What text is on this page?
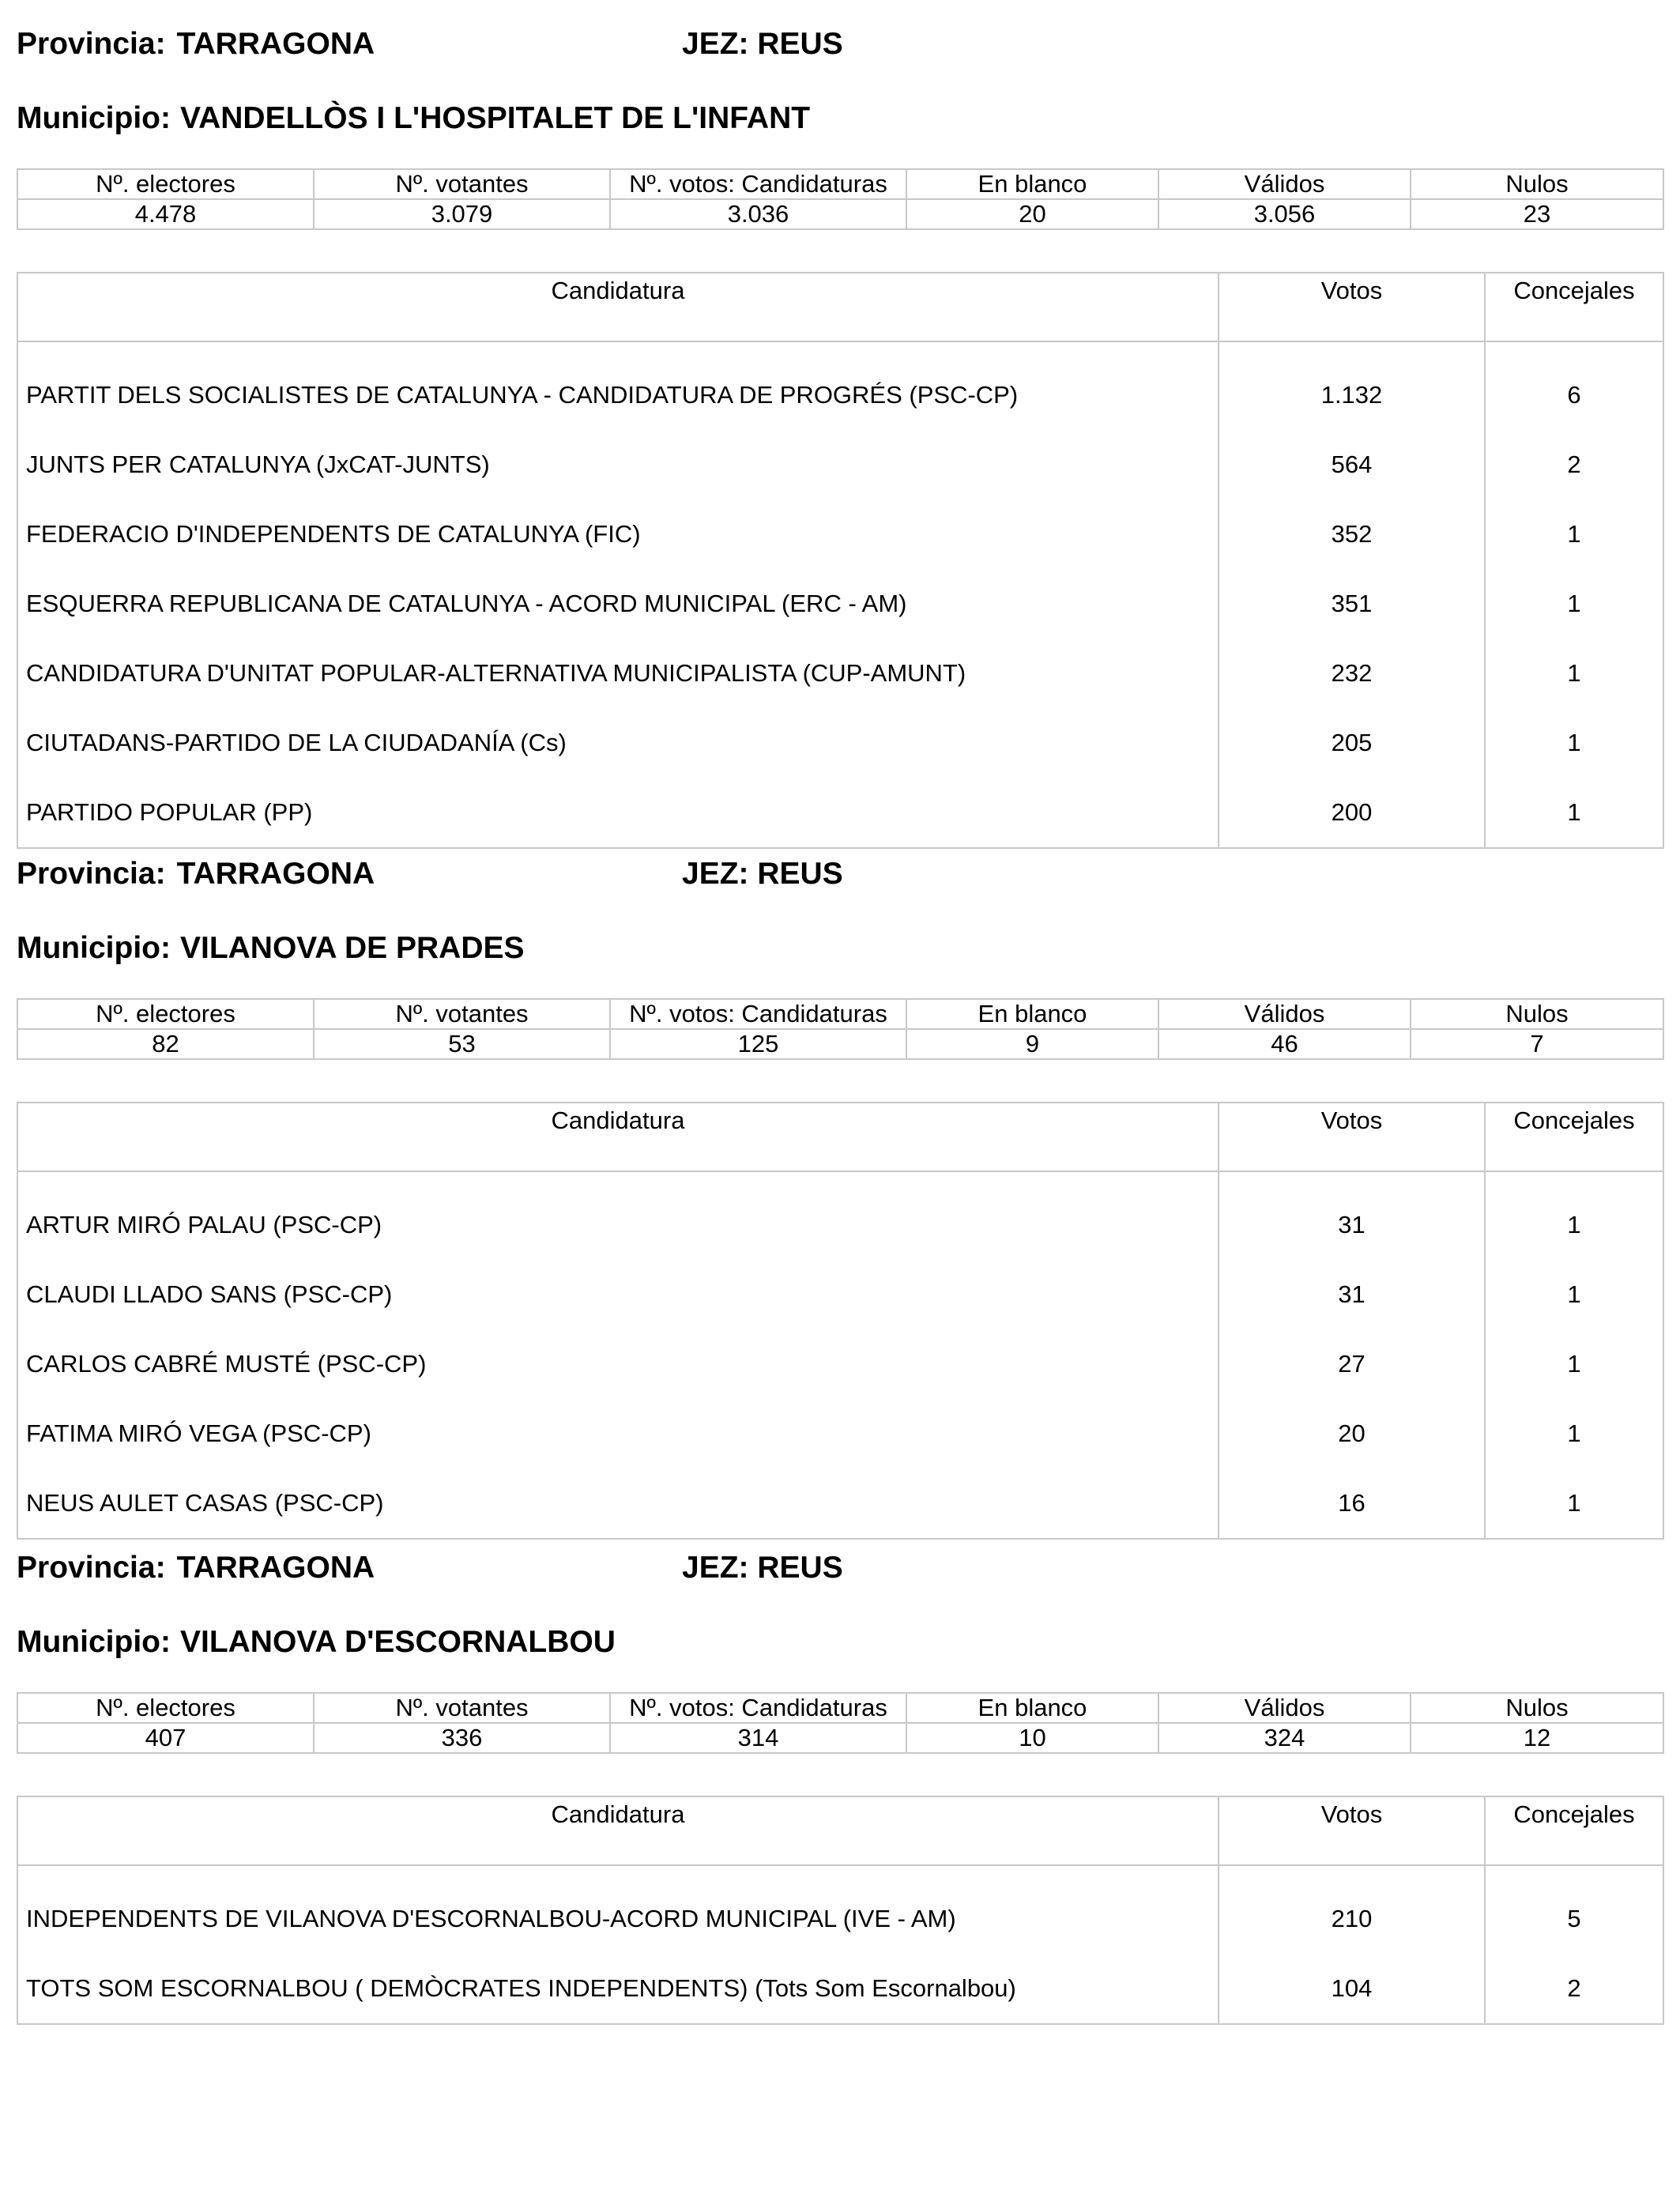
Provincia: TARRAGONA	JEZ: REUS
Municipio: VANDELLÒS I L'HOSPITALET DE L'INFANT
Nº. electores	Nº. votantes	Nº. votos: Candidaturas	En blanco	Válidos	Nulos
4.478	3.079	3.036	20	3.056	23
Candidatura	Votos	Concejales
PARTIT DELS SOCIALISTES DE CATALUNYA - CANDIDATURA DE PROGRÉS (PSC-CP)	1.132	6
JUNTS PER CATALUNYA (JxCAT-JUNTS)	564	2
FEDERACIO D'INDEPENDENTS DE CATALUNYA (FIC)	352	1
ESQUERRA REPUBLICANA DE CATALUNYA - ACORD MUNICIPAL (ERC - AM)	351	1
CANDIDATURA D'UNITAT POPULAR-ALTERNATIVA MUNICIPALISTA (CUP-AMUNT)	232	1
CIUTADANS-PARTIDO DE LA CIUDADANÍA (Cs)	205	1
PARTIDO POPULAR (PP)	200	1
Provincia: TARRAGONA	JEZ: REUS
Municipio: VILANOVA DE PRADES
Nº. electores	Nº. votantes	Nº. votos: Candidaturas	En blanco	Válidos	Nulos
82	53	125	9	46	7
Candidatura	Votos	Concejales
ARTUR MIRÓ PALAU (PSC-CP)	31	1
CLAUDI LLADO SANS (PSC-CP)	31	1
CARLOS CABRÉ MUSTÉ (PSC-CP)	27	1
FATIMA MIRÓ VEGA (PSC-CP)	20	1
NEUS AULET CASAS (PSC-CP)	16	1
Provincia: TARRAGONA	JEZ: REUS
Municipio: VILANOVA D'ESCORNALBOU
Nº. electores	Nº. votantes	Nº. votos: Candidaturas	En blanco	Válidos	Nulos
407	336	314	10	324	12
Candidatura	Votos	Concejales
INDEPENDENTS DE VILANOVA D'ESCORNALBOU-ACORD MUNICIPAL (IVE - AM)	210	5
TOTS SOM ESCORNALBOU ( DEMÒCRATES INDEPENDENTS) (Tots Som Escornalbou)	104	2
